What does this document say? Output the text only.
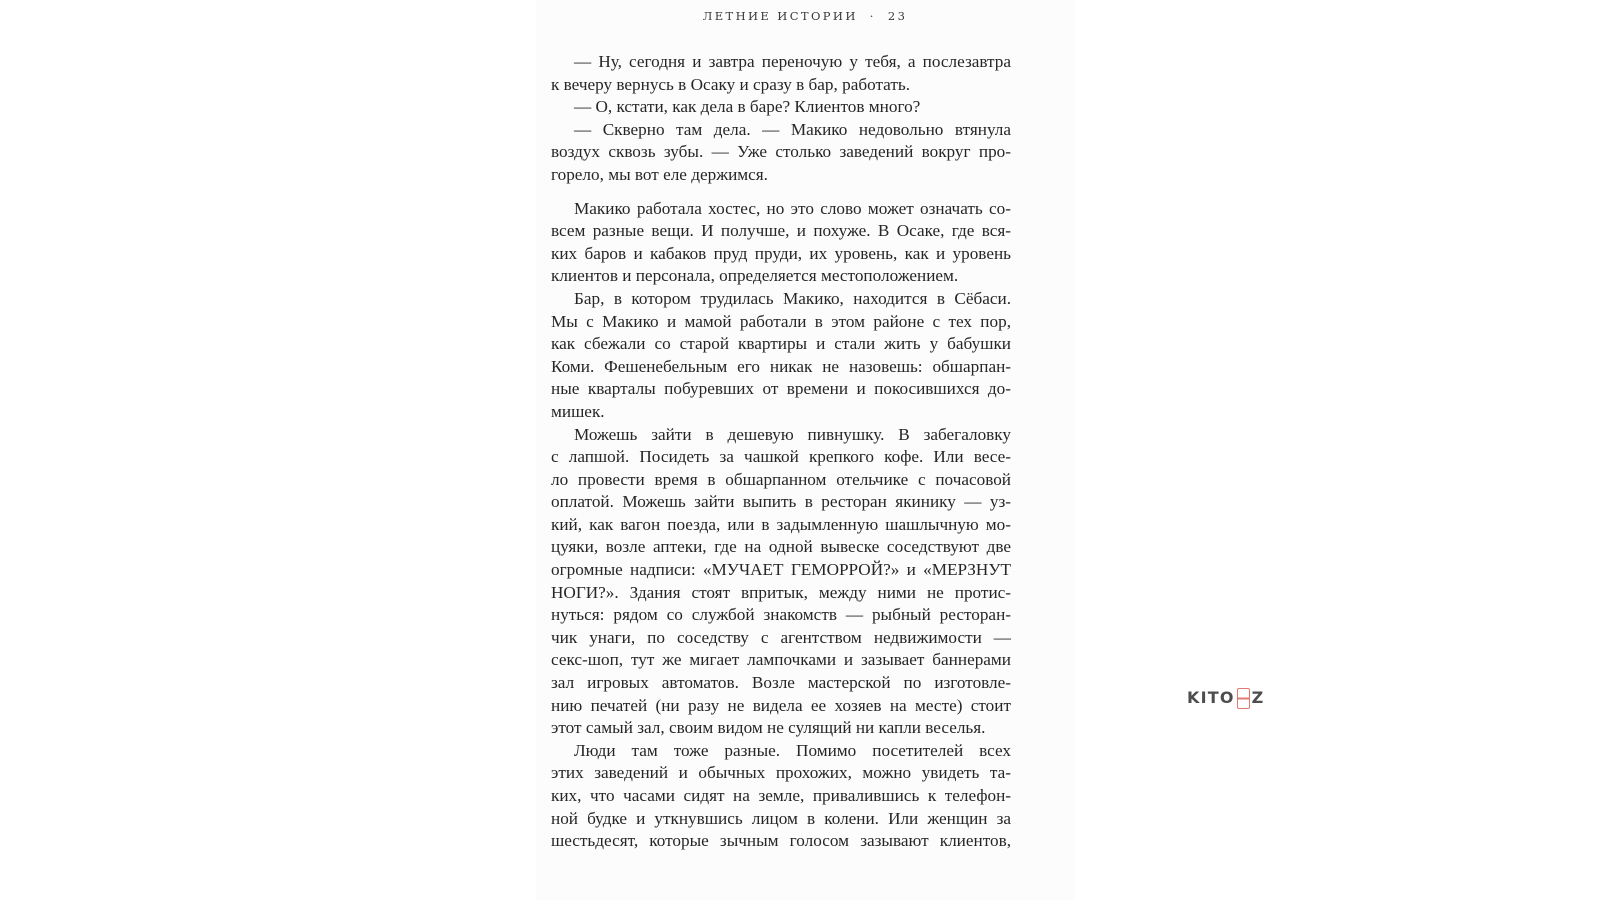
ЛЕТНИЕ ИСТОРИИ · 23
— Ну, сегодня и завтра переночую у тебя, а послезавтра
к вечеру вернусь в Осаку и сразу в бар, работать.
— О, кстати, как дела в баре? Клиентов много?
— Скверно там дела. — Макико недовольно втянула
воздух сквозь зубы. — Уже столько заведений вокруг про-
горело, мы вот еле держимся.
Макико работала хостес, но это слово может означать со-
всем разные вещи. И получше, и похуже. В Осаке, где вся-
ких баров и кабаков пруд пруди, их уровень, как и уровень
клиентов и персонала, определяется местоположением.
Бар, в котором трудилась Макико, находится в Сёбаси.
Мы с Макико и мамой работали в этом районе с тех пор,
как сбежали со старой квартиры и стали жить у бабушки
Коми. Фешенебельным его никак не назовешь: обшарпан-
ные кварталы побуревших от времени и покосившихся до-
мишек.
Можешь зайти в дешевую пивнушку. В забегаловку
с лапшой. Посидеть за чашкой крепкого кофе. Или весе-
ло провести время в обшарпанном отельчике с почасовой
оплатой. Можешь зайти выпить в ресторан якинику — уз-
кий, как вагон поезда, или в задымленную шашлычную мо-
цуяки, возле аптеки, где на одной вывеске соседствуют две
огромные надписи: «МУЧАЕТ ГЕМОРРОЙ?» и «МЕРЗНУТ
НОГИ?». Здания стоят впритык, между ними не протис-
нуться: рядом со службой знакомств — рыбный ресторан-
чик унаги, по соседству с агентством недвижимости —
секс-шоп, тут же мигает лампочками и зазывает баннерами
зал игровых автоматов. Возле мастерской по изготовле-
нию печатей (ни разу не видела ее хозяев на месте) стоит
этот самый зал, своим видом не сулящий ни капли веселья.
Люди там тоже разные. Помимо посетителей всех
этих заведений и обычных прохожих, можно увидеть та-
ких, что часами сидят на земле, привалившись к телефон-
ной будке и уткнувшись лицом в колени. Или женщин за
шестьдесят, которые зычным голосом зазывают клиентов,
KITO Z
